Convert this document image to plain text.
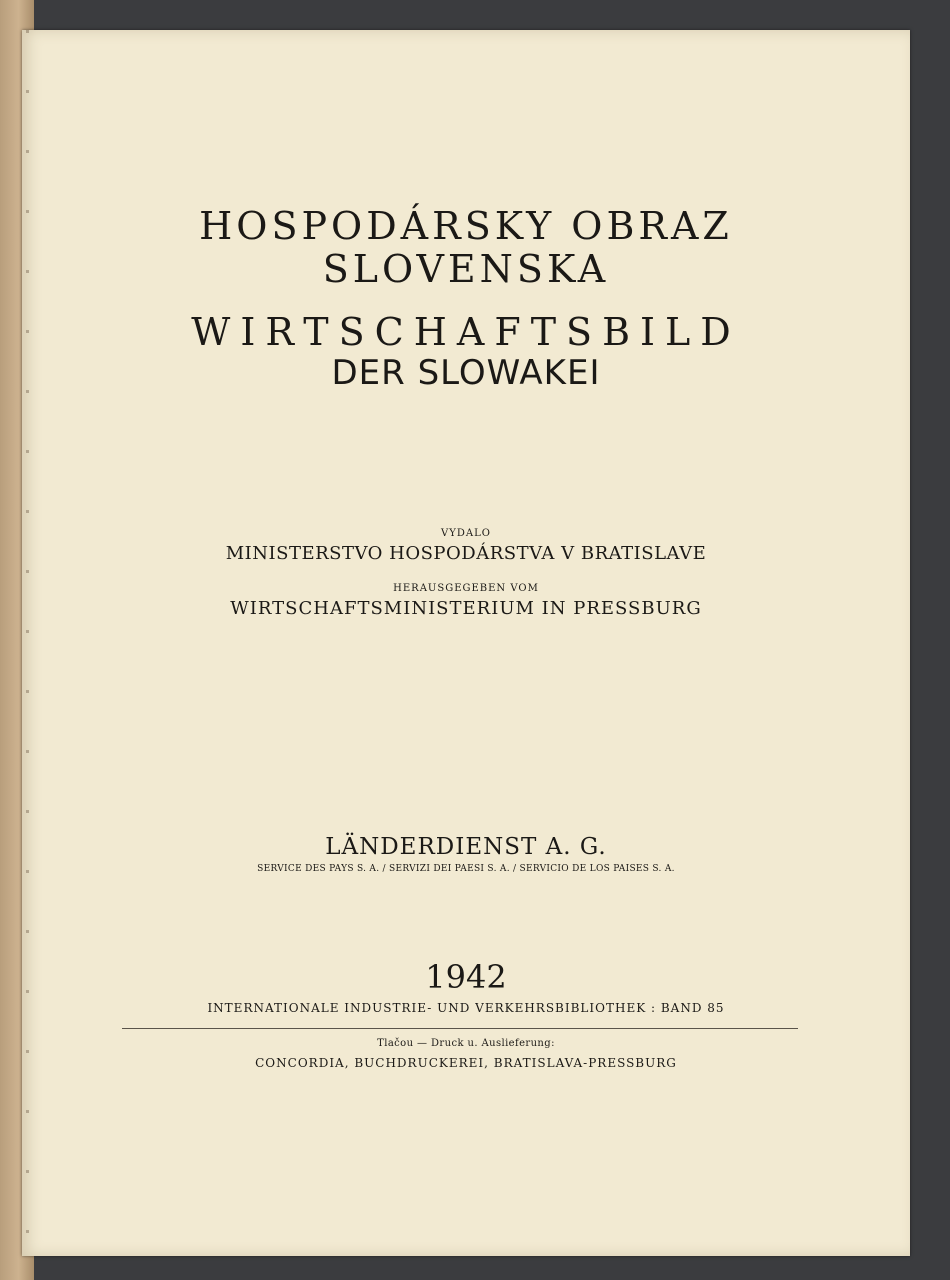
HOSPODÁRSKY OBRAZ
SLOVENSKA
WIRTSCHAFTSBILD
DER SLOWAKEI
VYDALO
MINISTERSTVO HOSPODÁRSTVA V BRATISLAVE
HERAUSGEGEBEN VOM
WIRTSCHAFTSMINISTERIUM IN PRESSBURG
LÄNDERDIENST A. G.
SERVICE DES PAYS S. A. / SERVIZI DEI PAESI S. A. / SERVICIO DE LOS PAISES S. A.
1942
INTERNATIONALE INDUSTRIE- UND VERKEHRSBIBLIOTHEK : BAND 85
Tlačou — Druck u. Auslieferung:
CONCORDIA, BUCHDRUCKEREI, BRATISLAVA-PRESSBURG
